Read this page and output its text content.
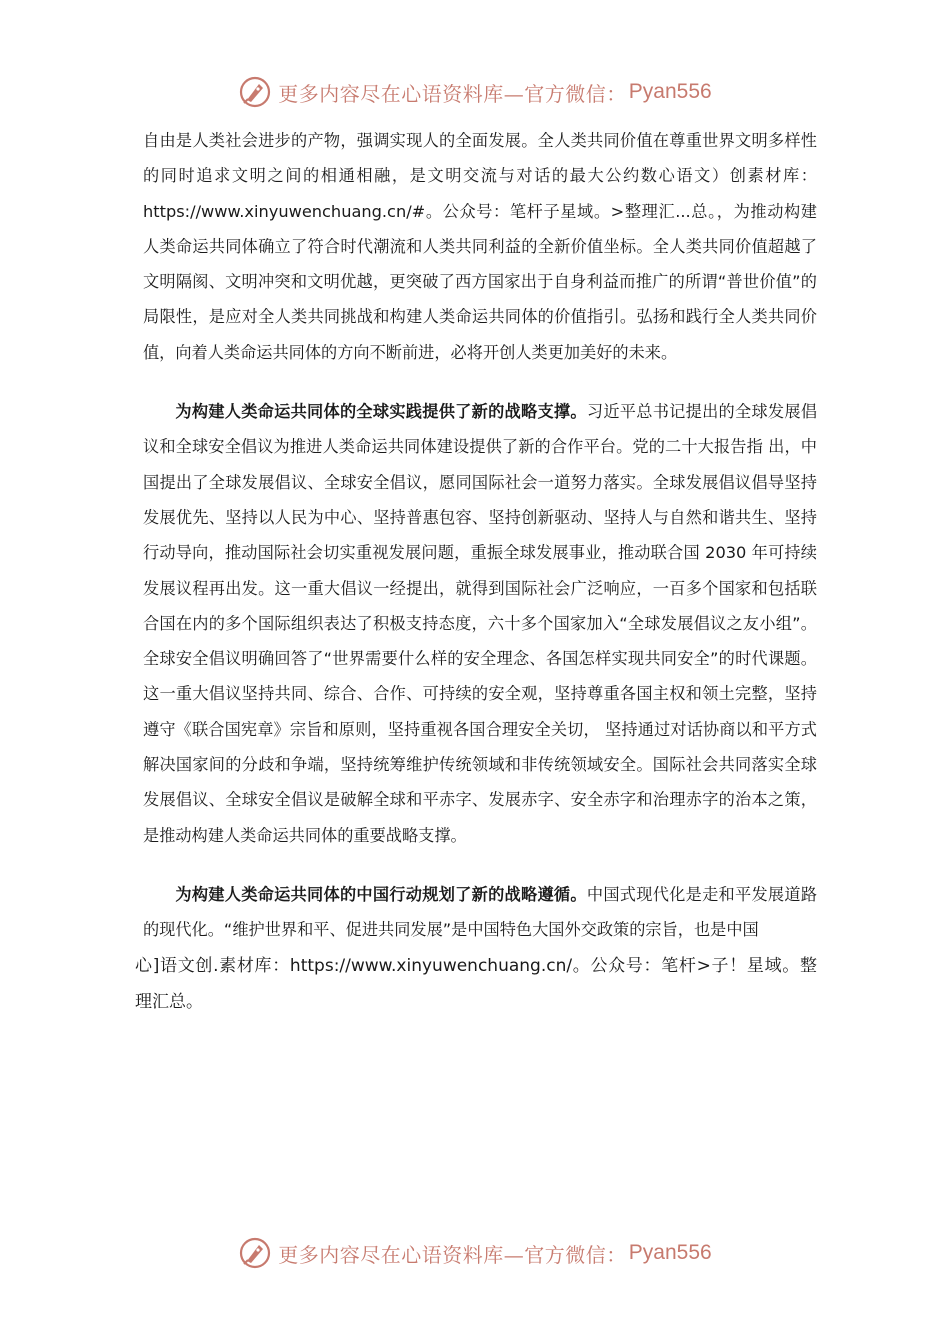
更多内容尽在心语资料库—官方微信： Pyan556

自由是人类社会进步的产物，强调实现人的全面发展。全人类共同价值在尊重世界文明多样性的同时追求文明之间的相通相融，是文明交流与对话的最大公约数心语文）创素材库：https://www.xinyuwenchuang.cn/#。公众号：笔杆子星域。>整理汇...总。，为推动构建人类命运共同体确立了符合时代潮流和人类共同利益的全新价值坐标。全人类共同价值超越了文明隔阂、文明冲突和文明优越，更突破了西方国家出于自身利益而推广的所谓“普世价值”的局限性，是应对全人类共同挑战和构建人类命运共同体的价值指引。弘扬和践行全人类共同价值，向着人类命运共同体的方向不断前进，必将开创人类更加美好的未来。

为构建人类命运共同体的全球实践提供了新的战略支撑。习近平总书记提出的全球发展倡议和全球安全倡议为推进人类命运共同体建设提供了新的合作平台。党的二十大报告指 出，中国提出了全球发展倡议、全球安全倡议，愿同国际社会一道努力落实。全球发展倡议倡导坚持发展优先、坚持以人民为中心、坚持普惠包容、坚持创新驱动、坚持人与自然和谐共生、坚持行动导向，推动国际社会切实重视发展问题，重振全球发展事业，推动联合国 2030 年可持续发展议程再出发。这一重大倡议一经提出，就得到国际社会广泛响应，一百多个国家和包括联合国在内的多个国际组织表达了积极支持态度，六十多个国家加入“全球发展倡议之友小组”。全球安全倡议明确回答了“世界需要什么样的安全理念、各国怎样实现共同安全”的时代课题。这一重大倡议坚持共同、综合、合作、可持续的安全观，坚持尊重各国主权和领土完整，坚持遵守《联合国宪章》宗旨和原则，坚持重视各国合理安全关切， 坚持通过对话协商以和平方式解决国家间的分歧和争端，坚持统筹维护传统领域和非传统领域安全。国际社会共同落实全球发展倡议、全球安全倡议是破解全球和平赤字、发展赤字、安全赤字和治理赤字的治本之策，是推动构建人类命运共同体的重要战略支撑。

为构建人类命运共同体的中国行动规划了新的战略遵循。中国式现代化是走和平发展道路的现代化。“维护世界和平、促进共同发展”是中国特色大国外交政策的宗旨，也是中国

心]语文创.素材库：https://www.xinyuwenchuang.cn/。公众号：笔杆>子！星域。整理汇总。

更多内容尽在心语资料库—官方微信： Pyan556
